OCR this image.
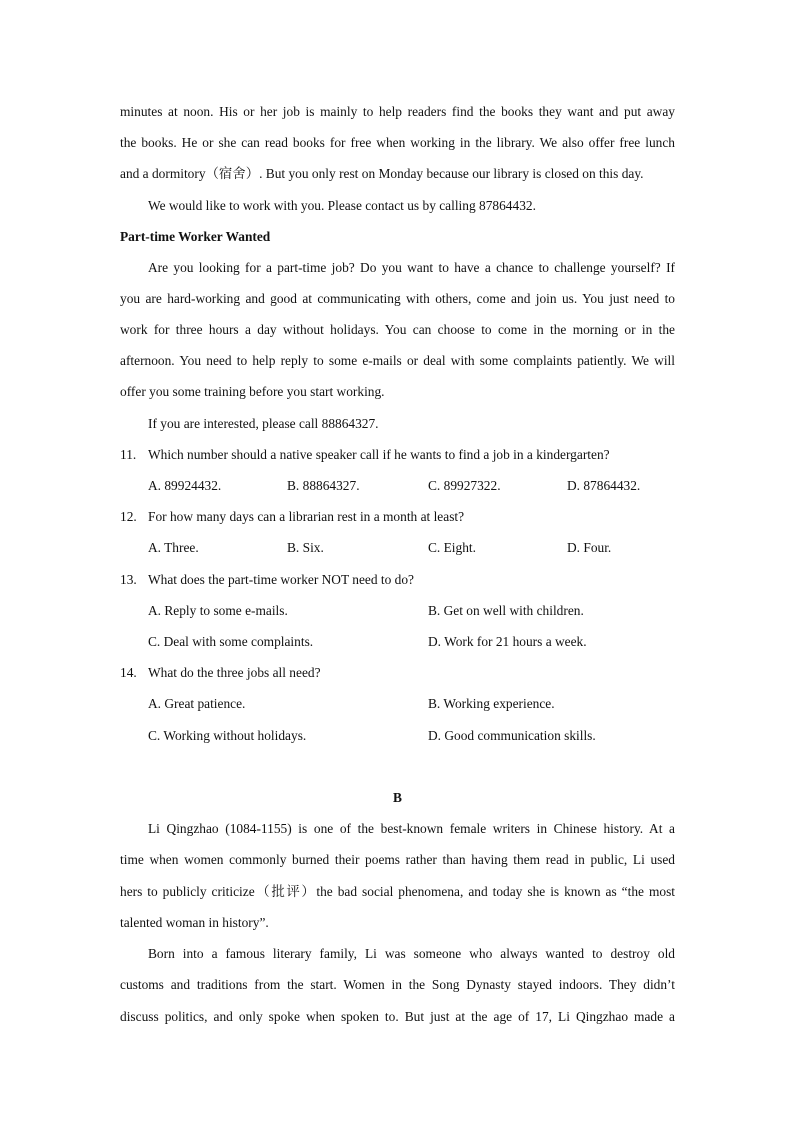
minutes at noon. His or her job is mainly to help readers find the books they want and put away
the books. He or she can read books for free when working in the library. We also offer free lunch
and a dormitory（宿舍）. But you only rest on Monday because our library is closed on this day.
We would like to work with you. Please contact us by calling 87864432.
Part-time Worker Wanted
Are you looking for a part-time job? Do you want to have a chance to challenge yourself? If
you are hard-working and good at communicating with others, come and join us. You just need to
work for three hours a day without holidays. You can choose to come in the morning or in the
afternoon. You need to help reply to some e-mails or deal with some complaints patiently. We will
offer you some training before you start working.
If you are interested, please call 88864327.
11. Which number should a native speaker call if he wants to find a job in a kindergarten?
A. 89924432.	B. 88864327.	C. 89927322.	D. 87864432.
12. For how many days can a librarian rest in a month at least?
A. Three.	B. Six.	C. Eight.	D. Four.
13. What does the part-time worker NOT need to do?
A. Reply to some e-mails.	B. Get on well with children.
C. Deal with some complaints.	D. Work for 21 hours a week.
14. What do the three jobs all need?
A. Great patience.	B. Working experience.
C. Working without holidays.	D. Good communication skills.
B
Li Qingzhao (1084-1155) is one of the best-known female writers in Chinese history. At a
time when women commonly burned their poems rather than having them read in public, Li used
hers to publicly criticize（批评）the bad social phenomena, and today she is known as “the most
talented woman in history”.
Born into a famous literary family, Li was someone who always wanted to destroy old
customs and traditions from the start. Women in the Song Dynasty stayed indoors. They didn’t
discuss politics, and only spoke when spoken to. But just at the age of 17, Li Qingzhao made a
